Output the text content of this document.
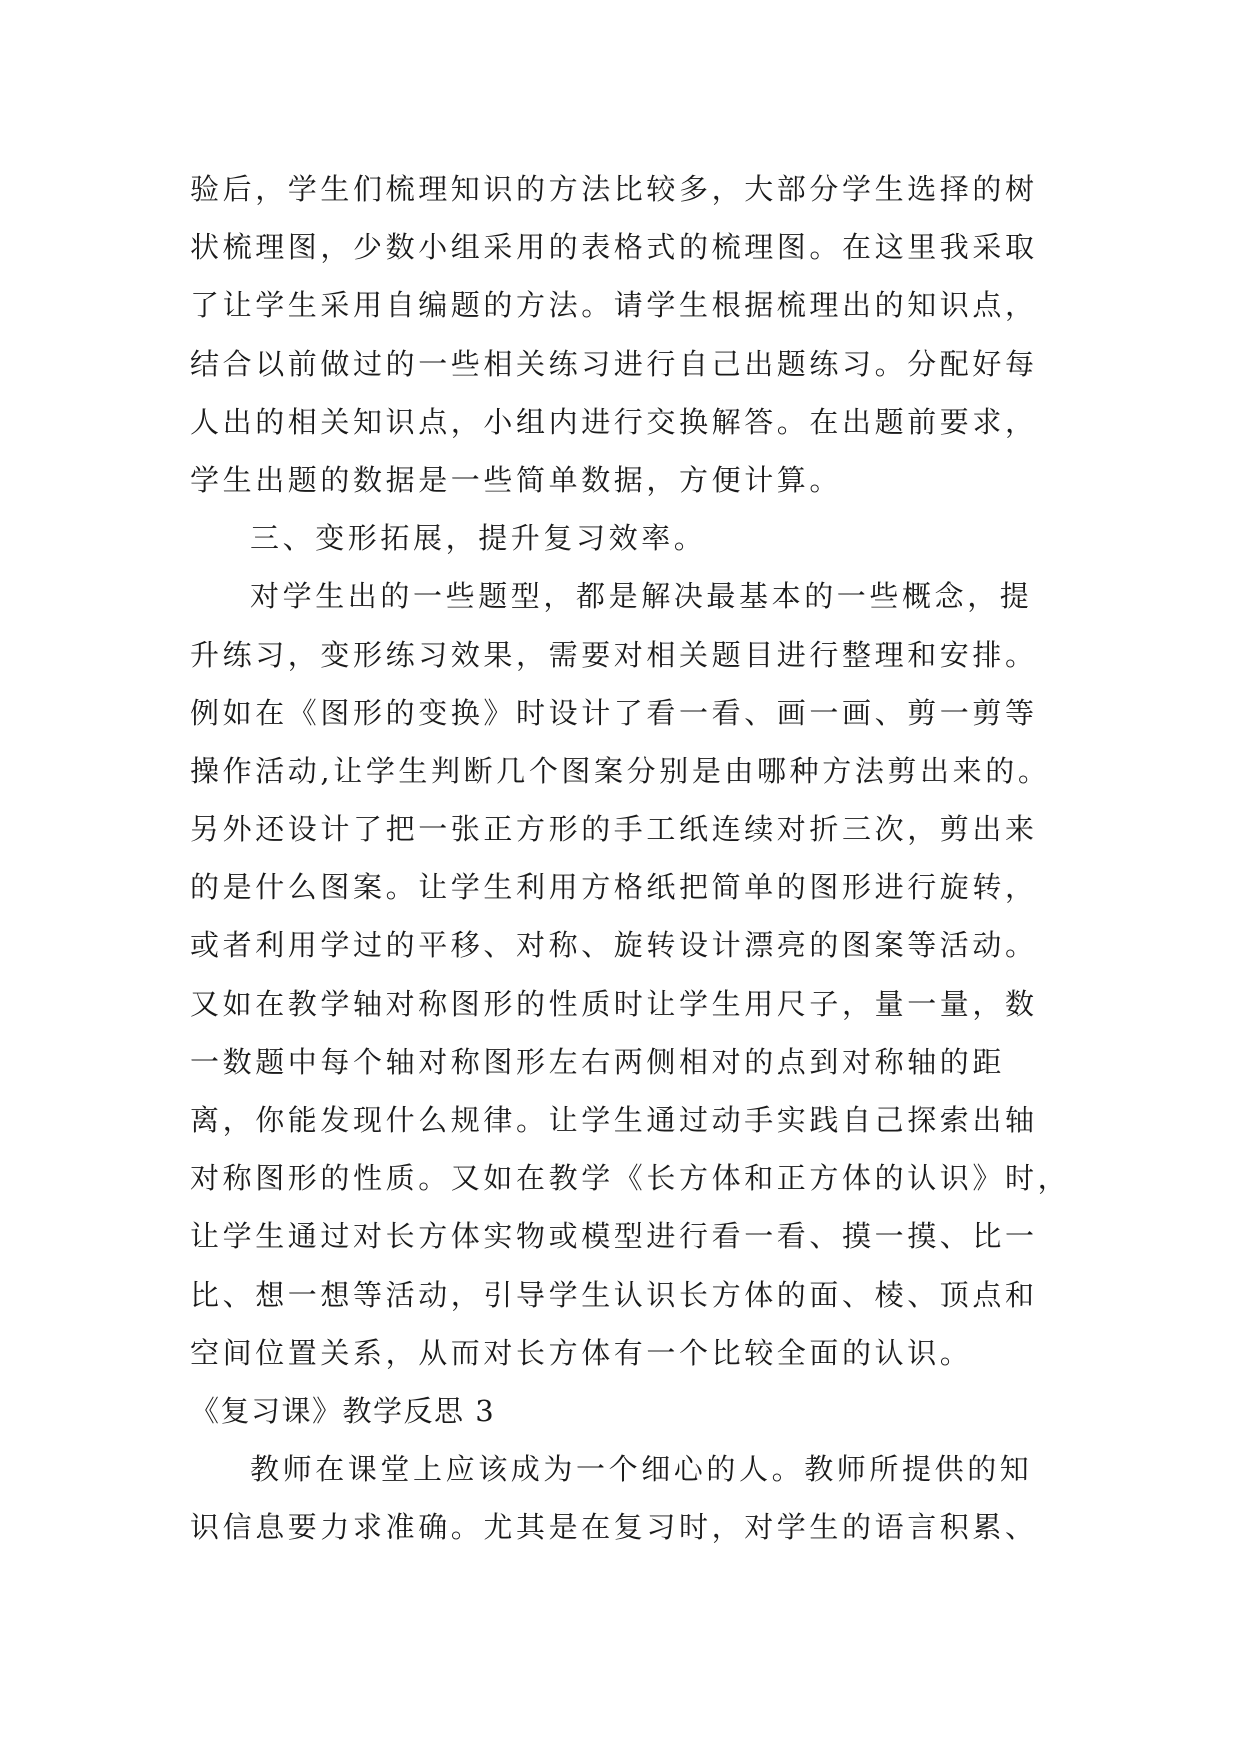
验后，学生们梳理知识的方法比较多，大部分学生选择的树
状梳理图，少数小组采用的表格式的梳理图。在这里我采取
了让学生采用自编题的方法。请学生根据梳理出的知识点，
结合以前做过的一些相关练习进行自己出题练习。分配好每
人出的相关知识点，小组内进行交换解答。在出题前要求，
学生出题的数据是一些简单数据，方便计算。
三、变形拓展，提升复习效率。
对学生出的一些题型，都是解决最基本的一些概念，提
升练习，变形练习效果，需要对相关题目进行整理和安排。
例如在《图形的变换》时设计了看一看、画一画、剪一剪等
操作活动,让学生判断几个图案分别是由哪种方法剪出来的。
另外还设计了把一张正方形的手工纸连续对折三次，剪出来
的是什么图案。让学生利用方格纸把简单的图形进行旋转，
或者利用学过的平移、对称、旋转设计漂亮的图案等活动。
又如在教学轴对称图形的性质时让学生用尺子，量一量，数
一数题中每个轴对称图形左右两侧相对的点到对称轴的距
离，你能发现什么规律。让学生通过动手实践自己探索出轴
对称图形的性质。又如在教学《长方体和正方体的认识》时，
让学生通过对长方体实物或模型进行看一看、摸一摸、比一
比、想一想等活动，引导学生认识长方体的面、棱、顶点和
空间位置关系，从而对长方体有一个比较全面的认识。
《复习课》教学反思 3
教师在课堂上应该成为一个细心的人。教师所提供的知
识信息要力求准确。尤其是在复习时，对学生的语言积累、
